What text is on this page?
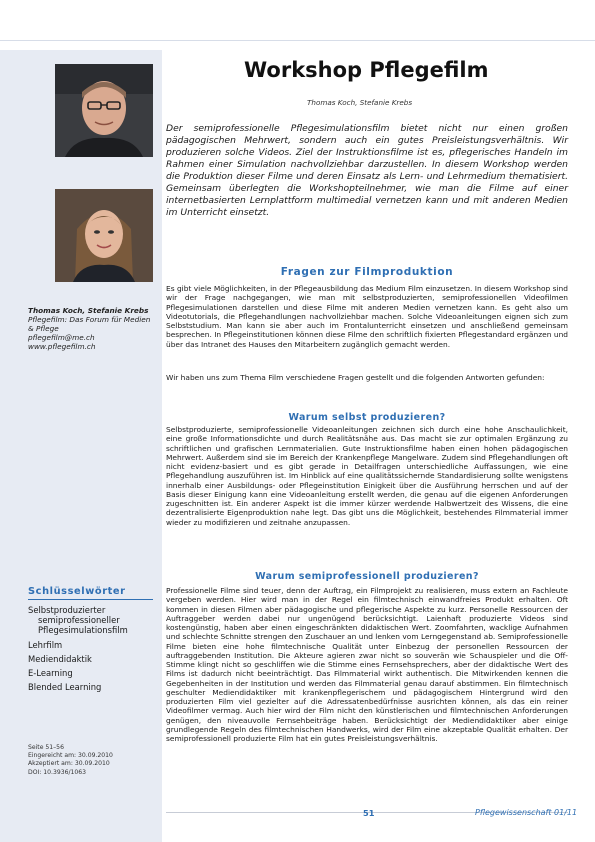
Thomas Koch, Stefanie Krebs
Pflegefilm: Das Forum für Medien & Pflege
pflegefilm@me.ch
www.pflegefilm.ch
Schlüsselwörter
Selbstproduzierter semiprofessioneller Pflegesimulationsfilm
Lehrfilm
Mediendidaktik
E-Learning
Blended Learning
Seite 51–56
Eingereicht am: 30.09.2010
Akzeptiert am: 30.09.2010
DOI: 10.3936/1063
Workshop Pflegefilm
Thomas Koch, Stefanie Krebs

Der semiprofessionelle Pflegesimulationsfilm bietet nicht nur einen großen pädagogischen Mehrwert, sondern auch ein gutes Preisleistungsverhältnis. Wir produzieren solche Videos. Ziel der Instruktionsfilme ist es, pflegerisches Handeln im Rahmen einer Simulation nachvollziehbar darzustellen. In diesem Workshop werden die Produktion dieser Filme und deren Einsatz als Lern- und Lehrmedium thematisiert. Gemeinsam überlegten die Workshopteilnehmer, wie man die Filme auf einer internetbasierten Lernplattform multimedial vernetzen kann und mit anderen Medien im Unterricht einsetzt.

Fragen zur Filmproduktion

Es gibt viele Möglichkeiten, in der Pflegeausbildung das Medium Film einzusetzen. In diesem Workshop sind wir der Frage nachgegangen, wie man mit selbstproduzierten, semiprofessionellen Videofilmen Pflegesimulationen darstellen und diese Filme mit anderen Medien vernetzen kann. Es geht also um Videotutorials, die Pflegehandlungen nachvollziehbar machen. Solche Videoanleitungen eignen sich zum Selbststudium. Man kann sie aber auch im Frontalunterricht einsetzen und anschließend gemeinsam besprechen. In Pflegeinstitutionen können diese Filme den schriftlich fixierten Pflegestandard ergänzen und über das Intranet des Hauses den Mitarbeitern zugänglich gemacht werden.

Wir haben uns zum Thema Film verschiedene Fragen gestellt und die folgenden Antworten gefunden:

Warum selbst produzieren?

Selbstproduzierte, semiprofessionelle Videoanleitungen zeichnen sich durch eine hohe Anschaulichkeit, eine große Informationsdichte und durch Realitätsnähe aus. Das macht sie zur optimalen Ergänzung zu schriftlichen und grafischen Lernmaterialien. Gute Instruktionsfilme haben einen hohen pädagogischen Mehrwert. Außerdem sind sie im Bereich der Krankenpflege Mangelware. Zudem sind Pflegehandlungen oft nicht evidenz-basiert und es gibt gerade in Detailfragen unterschiedliche Auffassungen, wie eine Pflegehandlung auszuführen ist. Im Hinblick auf eine qualitätssichernde Standardisierung sollte wenigstens innerhalb einer Ausbildungs- oder Pflegeinstitution Einigkeit über die Ausführung herrschen und auf der Basis dieser Einigung kann eine Videoanleitung erstellt werden, die genau auf die eigenen Anforderungen zugeschnitten ist. Ein anderer Aspekt ist die immer kürzer werdende Halbwertzeit des Wissens, die eine dezentralisierte Eigenproduktion nahe legt. Das gibt uns die Möglichkeit, bestehendes Filmmaterial immer wieder zu modifizieren und zeitnahe anzupassen.

Warum semiprofessionell produzieren?

Professionelle Filme sind teuer, denn der Auftrag, ein Filmprojekt zu realisieren, muss extern an Fachleute vergeben werden. Hier wird man in der Regel ein filmtechnisch einwandfreies Produkt erhalten. Oft kommen in diesen Filmen aber pädagogische und pflegerische Aspekte zu kurz. Personelle Ressourcen der Auftraggeber werden dabei nur ungenügend berücksichtigt. Laienhaft produzierte Videos sind kostengünstig, haben aber einen eingeschränkten didaktischen Wert. Zoomfahrten, wacklige Aufnahmen und schlechte Schnitte strengen den Zuschauer an und lenken vom Lerngegenstand ab. Semiprofessionelle Filme bieten eine hohe filmtechnische Qualität unter Einbezug der personellen Ressourcen der auftraggebenden Institution. Die Akteure agieren zwar nicht so souverän wie Schauspieler und die Off-Stimme klingt nicht so geschliffen wie die Stimme eines Fernsehsprechers, aber der didaktische Wert des Films ist dadurch nicht beeinträchtigt. Das Filmmaterial wirkt authentisch. Die Mitwirkenden kennen die Gegebenheiten in der Institution und werden das Filmmaterial genau darauf abstimmen. Ein filmtechnisch geschulter Mediendidaktiker mit krankenpflegerischem und pädagogischem Hintergrund wird den produzierten Film viel gezielter auf die Adressatenbedürfnisse ausrichten können, als das ein reiner Videofilmer vermag. Auch hier wird der Film nicht den künstlerischen und filmtechnischen Anforderungen genügen, den niveauvolle Fernsehbeiträge haben. Berücksichtigt der Mediendidaktiker aber einige grundlegende Regeln des filmtechnischen Handwerks, wird der Film eine akzeptable Qualität erhalten. Der semiprofessionell produzierte Film hat ein gutes Preisleistungsverhältnis.

51	Pflegewissenschaft 01/11
